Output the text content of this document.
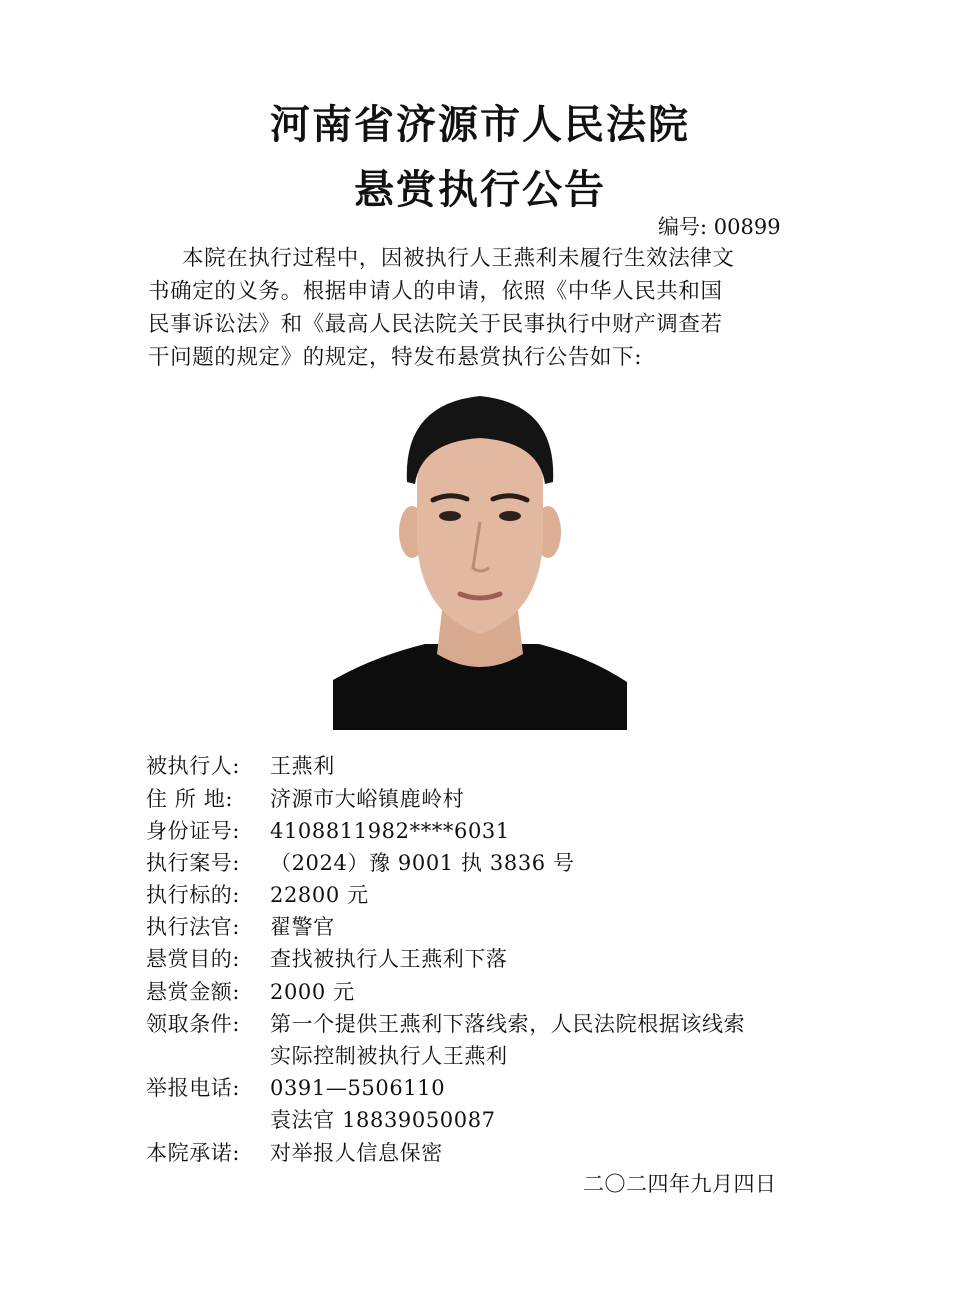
河南省济源市人民法院
悬赏执行公告
编号: 00899
本院在执行过程中，因被执行人王燕利未履行生效法律文
书确定的义务。根据申请人的申请，依照《中华人民共和国
民事诉讼法》和《最高人民法院关于民事执行中财产调查若
干问题的规定》的规定，特发布悬赏执行公告如下:
被执行人: 王燕利
住 所 地: 济源市大峪镇鹿岭村
身份证号: 4108811982****6031
执行案号: （2024）豫 9001 执 3836 号
执行标的: 22800 元
执行法官: 翟警官
悬赏目的: 查找被执行人王燕利下落
悬赏金额: 2000 元
领取条件: 第一个提供王燕利下落线索，人民法院根据该线索
实际控制被执行人王燕利
举报电话: 0391—5506110
袁法官 18839050087
本院承诺: 对举报人信息保密
二〇二四年九月四日
